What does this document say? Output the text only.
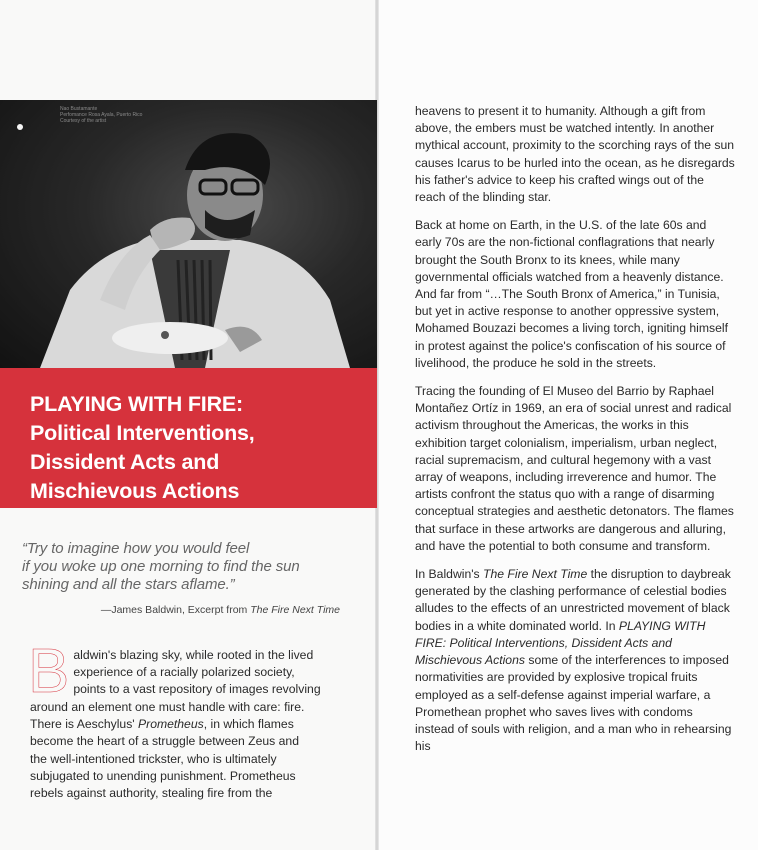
Nao Bustamante
Perfomance Rosa Ayala, Puerto Rico
Courtesy of the artist
PLAYING WITH FIRE:
Political Interventions,
Dissident Acts and
Mischievous Actions
“Try to imagine how you would feel
if you woke up one morning to find the sun
shining and all the stars aflame.”
—James Baldwin, Excerpt from The Fire Next Time
B aldwin's blazing sky, while rooted in the lived
experience of a racially polarized society,
points to a vast repository of images revolving
around an element one must handle with care: fire.
There is Aeschylus' Prometheus, in which flames
become the heart of a struggle between Zeus and
the well-intentioned trickster, who is ultimately
subjugated to unending punishment. Prometheus
rebels against authority, stealing fire from the

heavens to present it to humanity. Although a gift from above, the embers must be watched intently. In another mythical account, proximity to the scorching rays of the sun causes Icarus to be hurled into the ocean, as he disregards his father's advice to keep his crafted wings out of the reach of the blinding star.

Back at home on Earth, in the U.S. of the late 60s and early 70s are the non-fictional conflagrations that nearly brought the South Bronx to its knees, while many governmental officials watched from a heavenly distance. And far from “…The South Bronx of America,” in Tunisia, but yet in active response to another oppressive system, Mohamed Bouzazi becomes a living torch, igniting himself in protest against the police's confiscation of his source of livelihood, the produce he sold in the streets.

Tracing the founding of El Museo del Barrio by Raphael Montañez Ortíz in 1969, an era of social unrest and radical activism throughout the Americas, the works in this exhibition target colonialism, imperialism, urban neglect, racial supremacism, and cultural hegemony with a vast array of weapons, including irreverence and humor. The artists confront the status quo with a range of disarming conceptual strategies and aesthetic detonators. The flames that surface in these artworks are dangerous and alluring, and have the potential to both consume and transform.

In Baldwin's The Fire Next Time the disruption to daybreak generated by the clashing performance of celestial bodies alludes to the effects of an unrestricted movement of black bodies in a white dominated world. In PLAYING WITH FIRE: Political Interventions, Dissident Acts and Mischievous Actions some of the interferences to imposed normativities are provided by explosive tropical fruits employed as a self-defense against imperial warfare, a Promethean prophet who saves lives with condoms instead of souls with religion, and a man who in rehearsing his
